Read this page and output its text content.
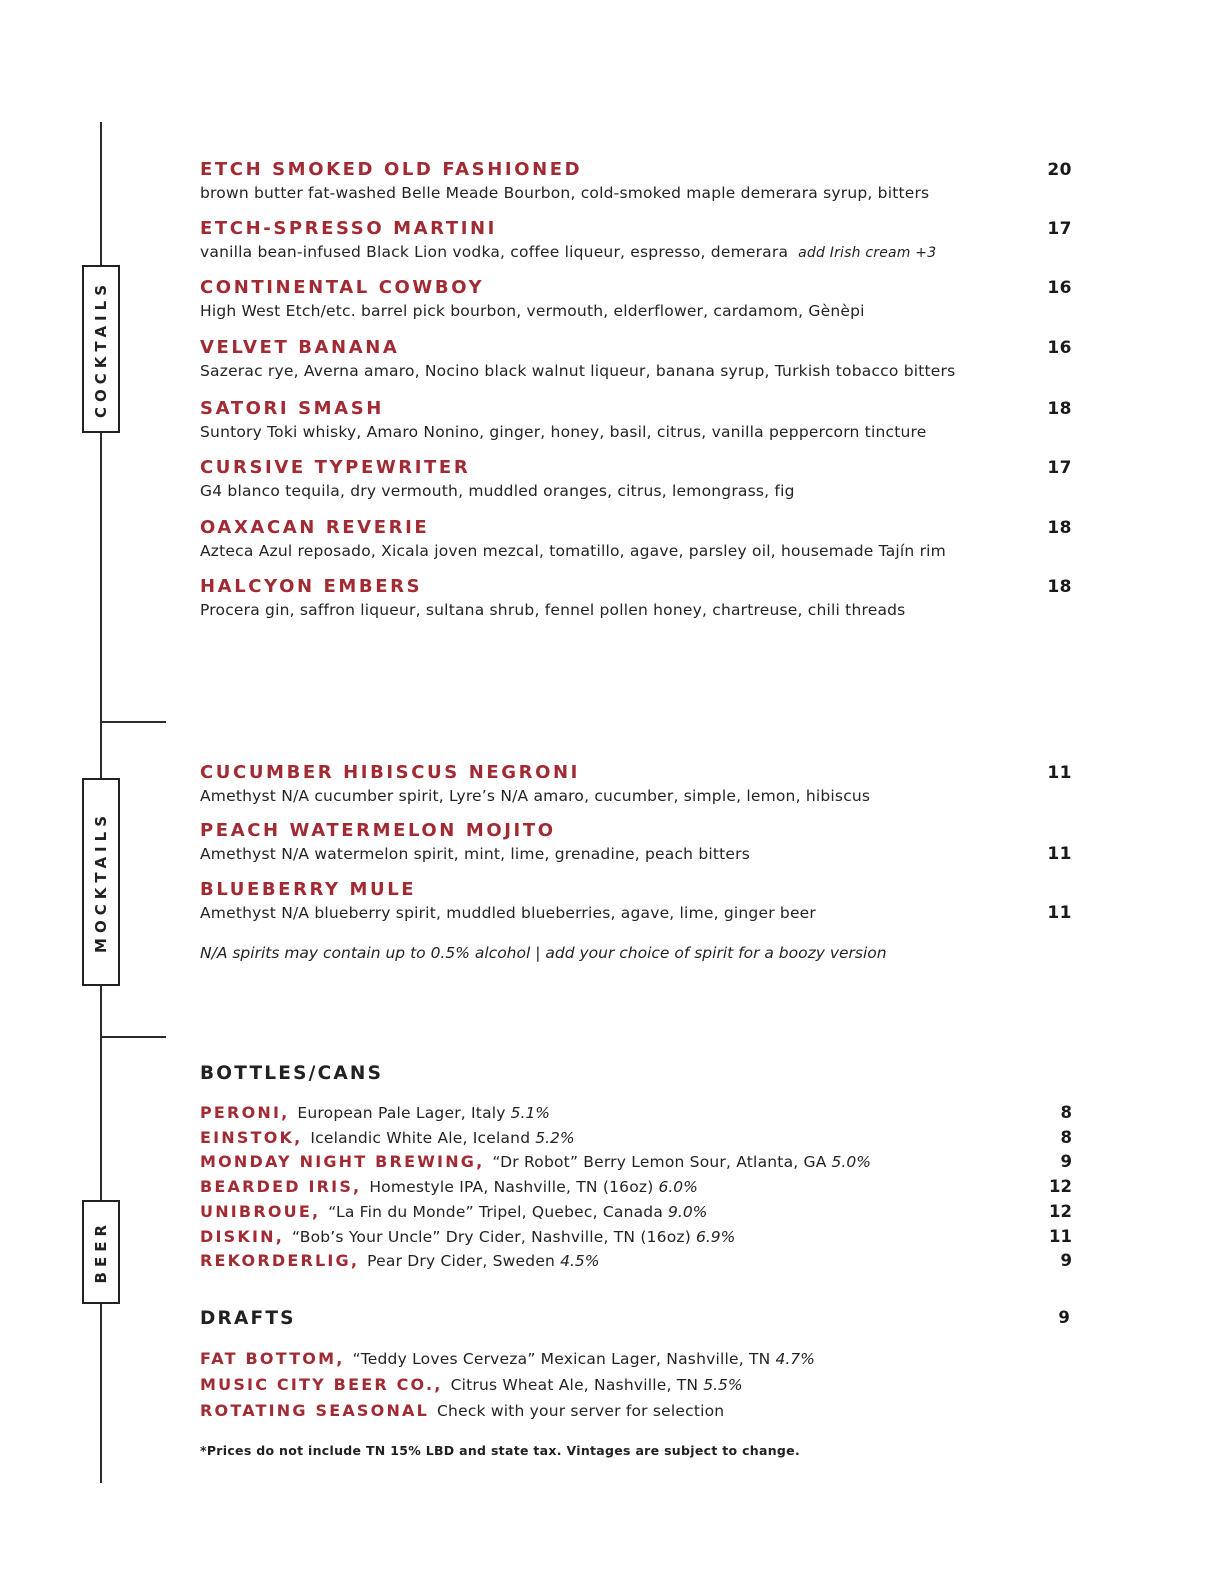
COCKTAILS
MOCKTAILS
BEER
ETCH SMOKED OLD FASHIONED	20
brown butter fat-washed Belle Meade Bourbon, cold-smoked maple demerara syrup, bitters
ETCH-SPRESSO MARTINI	17
vanilla bean-infused Black Lion vodka, coffee liqueur, espresso, demerara add Irish cream +3
CONTINENTAL COWBOY	16
High West Etch/etc. barrel pick bourbon, vermouth, elderflower, cardamom, Gènèpi
VELVET BANANA	16
Sazerac rye, Averna amaro, Nocino black walnut liqueur, banana syrup, Turkish tobacco bitters
SATORI SMASH	18
Suntory Toki whisky, Amaro Nonino, ginger, honey, basil, citrus, vanilla peppercorn tincture
CURSIVE TYPEWRITER	17
G4 blanco tequila, dry vermouth, muddled oranges, citrus, lemongrass, fig
OAXACAN REVERIE	18
Azteca Azul reposado, Xicala joven mezcal, tomatillo, agave, parsley oil, housemade Tajín rim
HALCYON EMBERS	18
Procera gin, saffron liqueur, sultana shrub, fennel pollen honey, chartreuse, chili threads
CUCUMBER HIBISCUS NEGRONI	11
Amethyst N/A cucumber spirit, Lyre’s N/A amaro, cucumber, simple, lemon, hibiscus
PEACH WATERMELON MOJITO
Amethyst N/A watermelon spirit, mint, lime, grenadine, peach bitters	11
BLUEBERRY MULE
Amethyst N/A blueberry spirit, muddled blueberries, agave, lime, ginger beer	11
N/A spirits may contain up to 0.5% alcohol | add your choice of spirit for a boozy version
BOTTLES/CANS
PERONI, European Pale Lager, Italy 5.1%	8
EINSTOK, Icelandic White Ale, Iceland 5.2%	8
MONDAY NIGHT BREWING, “Dr Robot” Berry Lemon Sour, Atlanta, GA 5.0%	9
BEARDED IRIS, Homestyle IPA, Nashville, TN (16oz) 6.0%	12
UNIBROUE, “La Fin du Monde” Tripel, Quebec, Canada 9.0%	12
DISKIN, “Bob’s Your Uncle” Dry Cider, Nashville, TN (16oz) 6.9%	11
REKORDERLIG, Pear Dry Cider, Sweden 4.5%	9
DRAFTS	9
FAT BOTTOM, “Teddy Loves Cerveza” Mexican Lager, Nashville, TN 4.7%
MUSIC CITY BEER CO., Citrus Wheat Ale, Nashville, TN 5.5%
ROTATING SEASONAL Check with your server for selection
*Prices do not include TN 15% LBD and state tax. Vintages are subject to change.
